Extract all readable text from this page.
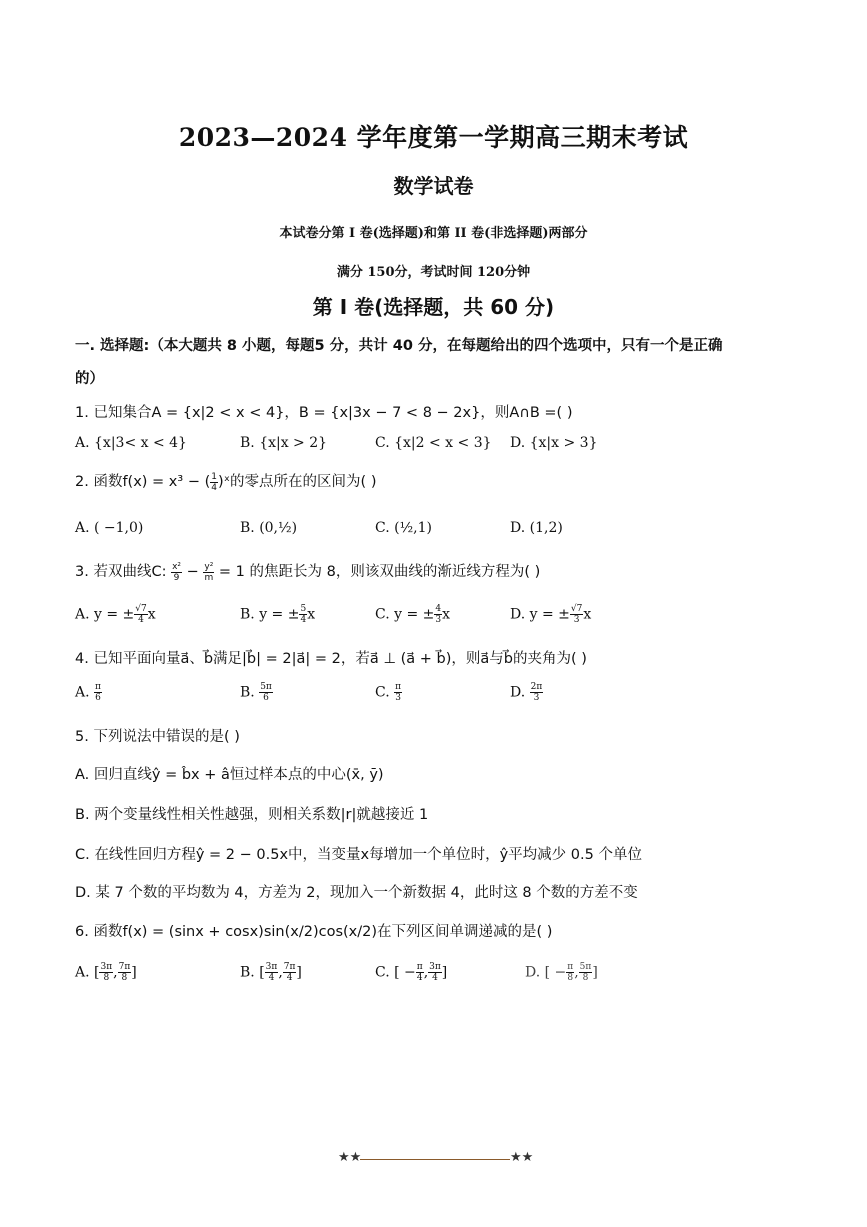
2023—2024 学年度第一学期高三期末考试
数学试卷
本试卷分第 I 卷(选择题)和第 II 卷(非选择题)两部分
满分 150分，考试时间 120分钟
第 I 卷(选择题，共 60 分)
一. 选择题:（本大题共 8 小题，每题5 分，共计 40 分，在每题给出的四个选项中，只有一个是正确
的）
1. 已知集合A = {x|2 < x < 4}，B = {x|3x − 7 < 8 − 2x}，则A∩B =( )
A. {x|3< x < 4}	B. {x|x > 2}	C. {x|2 < x < 3} D. {x|x > 3}
2. 函数f(x) = x³ − ( $\frac{1}{4}$ )ˣ的零点所在的区间为( )
A. ( −1,0)	B. (0,½)	C. (½,1)	D. (1,2)
3. 若双曲线C: $\frac{\text{x²}}{9} - \frac{\text{y²}}{m} = 1$ 的焦距长为 8，则该双曲线的渐近线方程为( )
A. y = ± $\frac{√7}{4}$ x	B. y = ± $\frac{5}{4}$ x	C. y = ± $\frac{4}{3}$ x	D. y = ± $\frac{√7}{3}$ x
4. 已知平面向量a⃗、b⃗满足|b⃗| = 2|a⃗| = 2，若a⃗ ⊥ (a⃗ + b⃗)，则a⃗与b⃗的夹角为( )
A. $\frac{\pi}{6}$	B. $\frac{5\pi}{6}$	C. $\frac{\pi}{3}$	D. $\frac{2\pi}{3}$
5. 下列说法中错误的是( )
A. 回归直线ŷ = b̂x + â恒过样本点的中心(x̄, ȳ)
B. 两个变量线性相关性越强，则相关系数|r|就越接近 1
C. 在线性回归方程ŷ = 2 − 0.5x中，当变量x每增加一个单位时，ŷ平均减少 0.5 个单位
D. 某 7 个数的平均数为 4，方差为 2，现加入一个新数据 4，此时这 8 个数的方差不变
6. 函数f(x) = (sinx + cosx)sin(x/2)cos(x/2)在下列区间单调递减的是( )
A. [ $\frac{3\pi}{8}$ , $\frac{7\pi}{8}$ ]	B. [ $\frac{3\pi}{4}$ , $\frac{7\pi}{4}$ ]	C. [ − $\frac{\pi}{4}$ , $\frac{3\pi}{4}$ ]	D. [ − $\frac{\pi}{8}$ , $\frac{5\pi}{8}$ ]
★★	★★
